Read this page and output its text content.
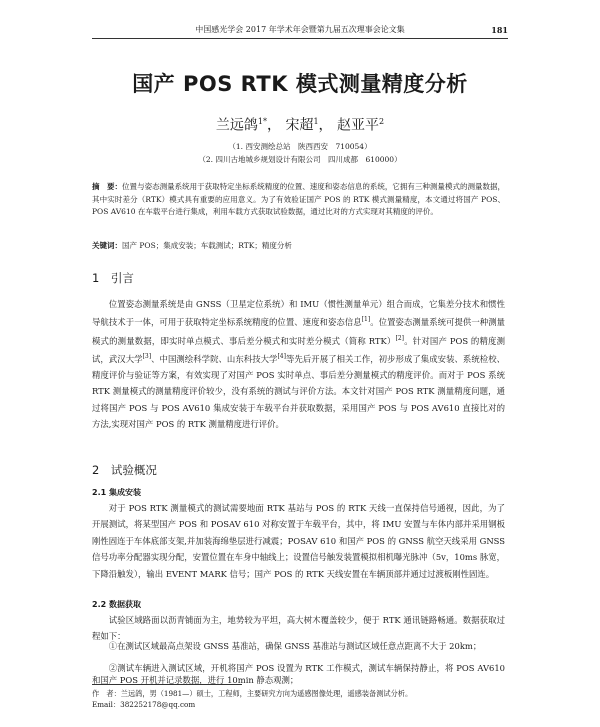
中国感光学会 2017 年学术年会暨第九届五次理事会论文集	181
国产 POS RTK 模式测量精度分析
兰远鸽$^{1*}$， 宋超$^1$， 赵亚平$^2$
（1. 西安测绘总站　陕西西安　710054）
（2. 四川古地城乡规划设计有限公司　四川成都　610000）
摘　要：位置与姿态测量系统用于获取特定坐标系统精度的位置、速度和姿态信息的系统，它拥有三种测量模式的测量数据，其中实时差分（RTK）模式具有重要的应用意义。为了有效验证国产 POS 的 RTK 模式测量精度，本文通过将国产 POS、POS AV610 在车载平台进行集成，利用车载方式获取试验数据，通过比对的方式实现对其精度的评价。
关键词：国产 POS；集成安装；车载测试；RTK；精度分析
1　引言

位置姿态测量系统是由 GNSS（卫星定位系统）和 IMU（惯性测量单元）组合而成，它集差分技术和惯性导航技术于一体，可用于获取特定坐标系统精度的位置、速度和姿态信息[1]。位置姿态测量系统可提供一种测量模式的测量数据，即实时单点模式、事后差分模式和实时差分模式（简称 RTK）[2]。针对国产 POS 的精度测试，武汉大学[3]、中国测绘科学院、山东科技大学[4]等先后开展了相关工作，初步形成了集成安装、系统检校、精度评价与验证等方案，有效实现了对国产 POS 实时单点、事后差分测量模式的精度评价。而对于 POS 系统 RTK 测量模式的测量精度评价较少，没有系统的测试与评价方法。本文针对国产 POS RTK 测量精度问题，通过将国产 POS 与 POS AV610 集成安装于车载平台并获取数据，采用国产 POS 与 POS AV610 直接比对的方法,实现对国产 POS 的 RTK 测量精度进行评价。

2　试验概况
2.1 集成安装

对于 POS RTK 测量模式的测试需要地面 RTK 基站与 POS 的 RTK 天线一直保持信号通视，因此，为了开展测试，将某型国产 POS 和 POSAV 610 对称安置于车载平台，其中，将 IMU 安置与车体内部并采用钢板刚性固连于车体底部支架,并加装海绵垫层进行减震；POSAV 610 和国产 POS 的 GNSS 航空天线采用 GNSS 信号功率分配器实现分配，安置位置在车身中轴线上；设置信号触发装置模拟相机曝光脉冲（5v，10ms 脉宽，下降沿触发），输出 EVENT MARK 信号；国产 POS 的 RTK 天线安置在车辆顶部并通过过渡板刚性固连。

2.2 数据获取

试验区域路面以沥青铺面为主，地势较为平坦，高大树木覆盖较少，便于 RTK 通讯链路畅通。数据获取过程如下：

①在测试区域最高点架设 GNSS 基准站，确保 GNSS 基准站与测试区域任意点距离不大于 20km；

②测试车辆进入测试区域，开机将国产 POS 设置为 RTK 工作模式，测试车辆保持静止，将 POS AV610 和国产 POS 开机并记录数据，进行 10min 静态观测；

作　者：兰远鸽，男（1981—）硕士，工程师，主要研究方向为遥感图像处理，遥感装备测试分析。
Email：382252178@qq.com
